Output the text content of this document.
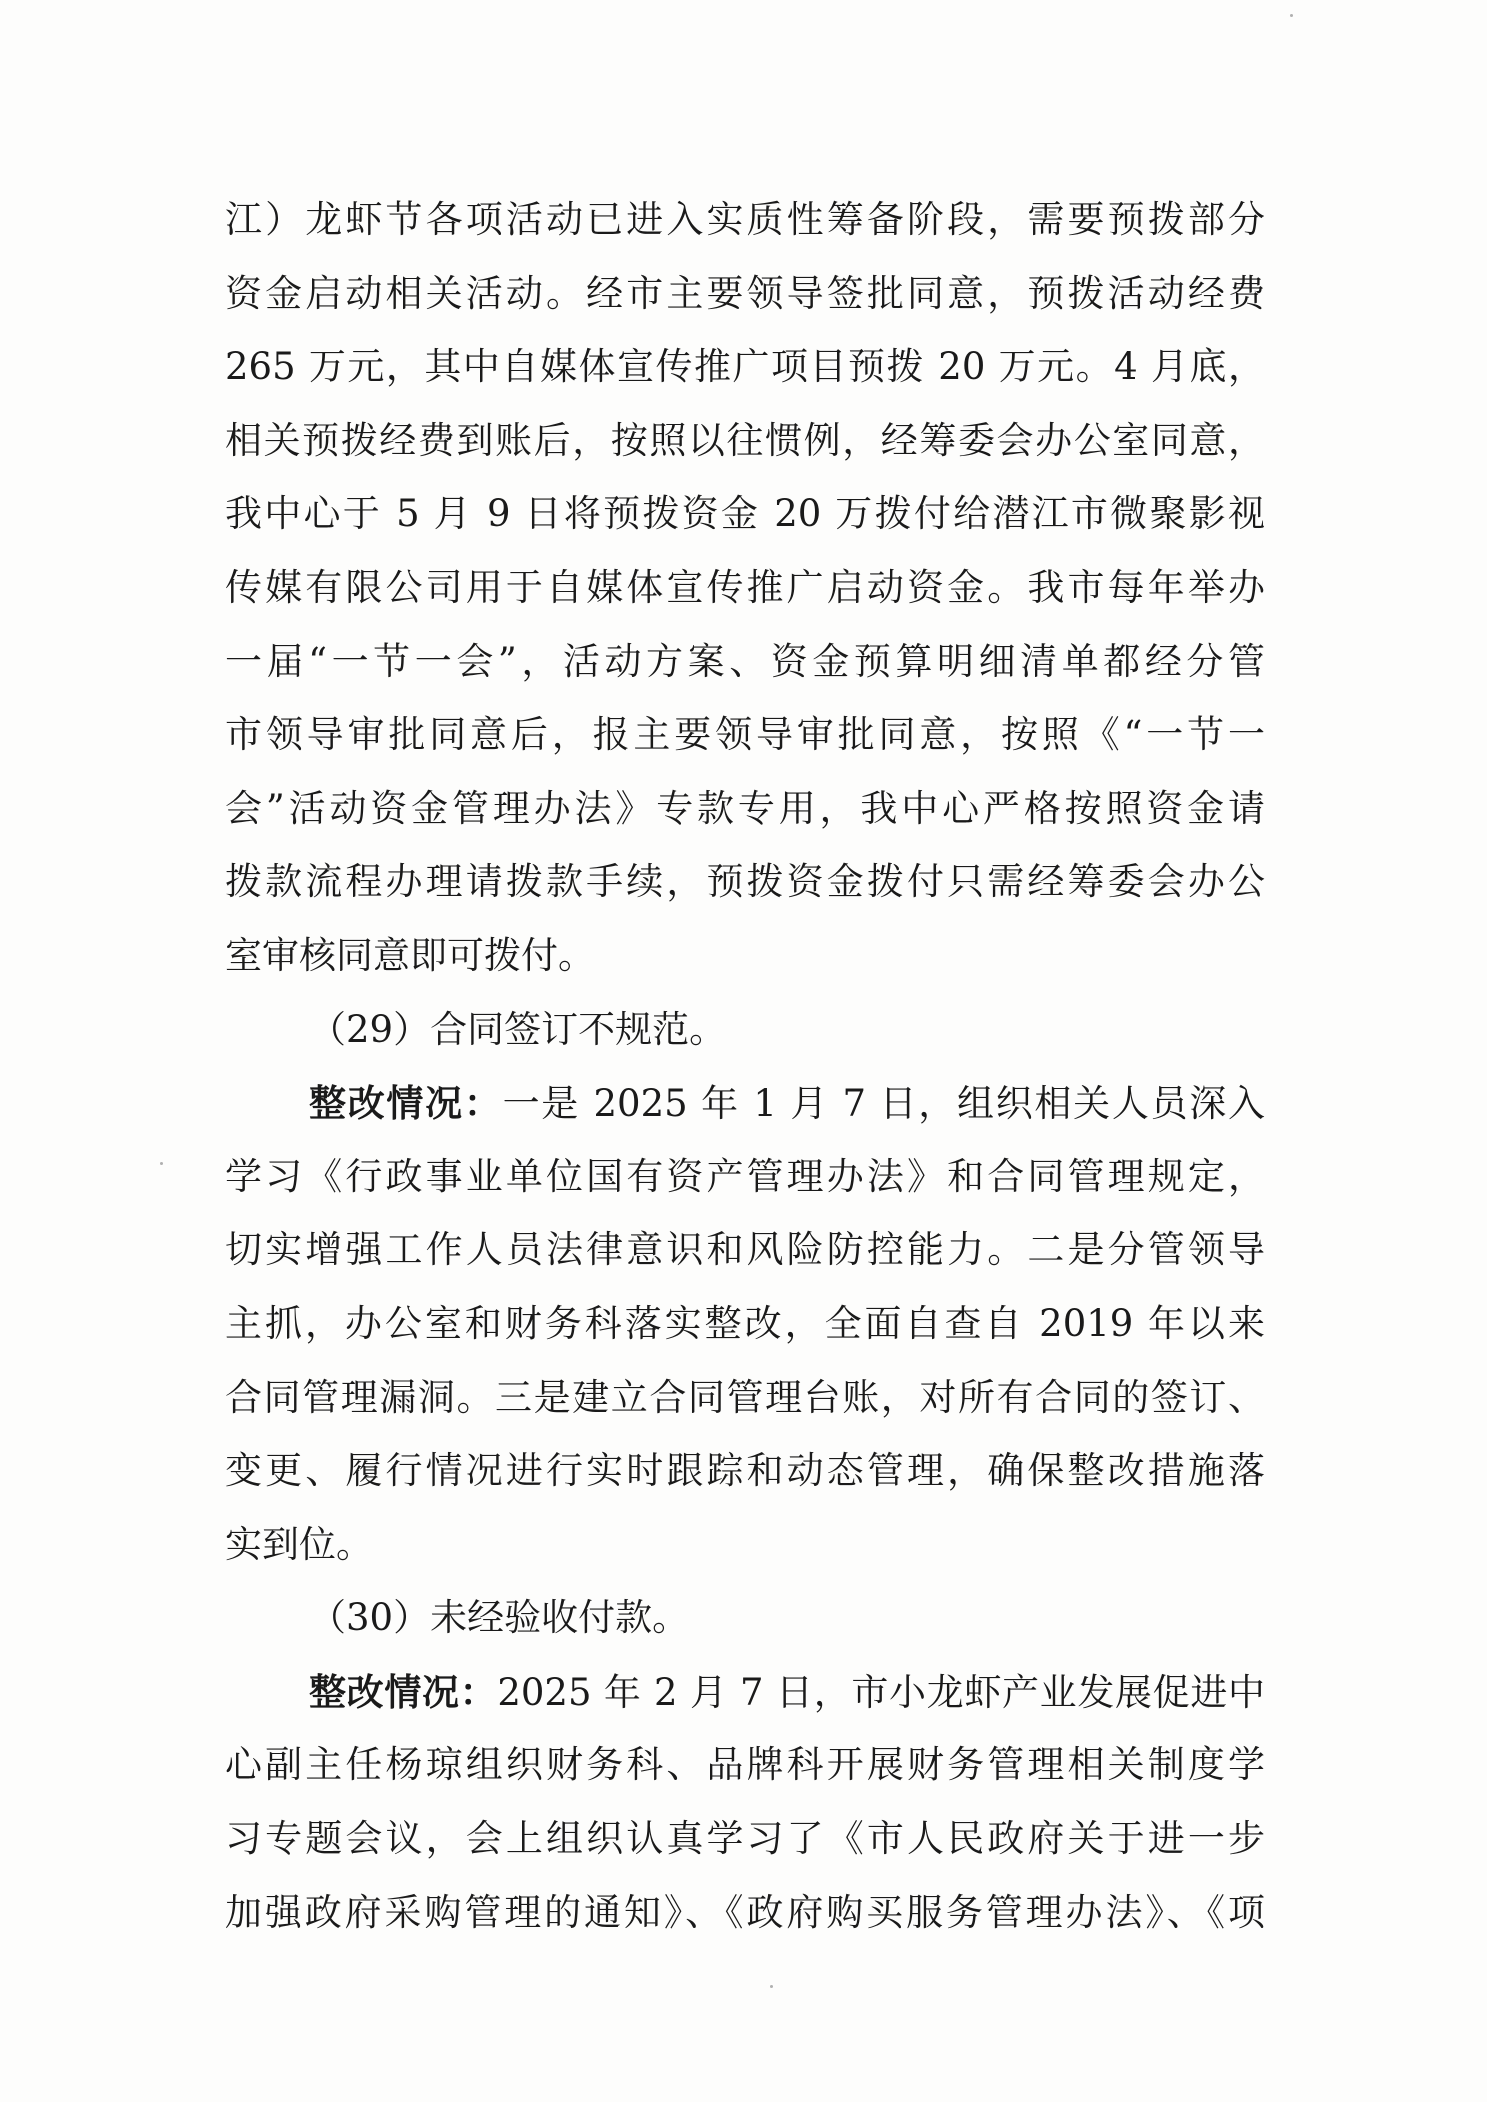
江）龙虾节各项活动已进入实质性筹备阶段，需要预拨部分
资金启动相关活动。经市主要领导签批同意，预拨活动经费
265 万元，其中自媒体宣传推广项目预拨 20 万元。4 月底，
相关预拨经费到账后，按照以往惯例，经筹委会办公室同意，
我中心于 5 月 9 日将预拨资金 20 万拨付给潜江市微聚影视
传媒有限公司用于自媒体宣传推广启动资金。我市每年举办
一届“一节一会”，活动方案、资金预算明细清单都经分管
市领导审批同意后，报主要领导审批同意，按照《“一节一
会”活动资金管理办法》专款专用，我中心严格按照资金请
拨款流程办理请拨款手续，预拨资金拨付只需经筹委会办公
室审核同意即可拨付。
（29）合同签订不规范。
整改情况：一是 2025 年 1 月 7 日，组织相关人员深入
学习《行政事业单位国有资产管理办法》和合同管理规定，
切实增强工作人员法律意识和风险防控能力。二是分管领导
主抓，办公室和财务科落实整改，全面自查自 2019 年以来
合同管理漏洞。三是建立合同管理台账，对所有合同的签订、
变更、履行情况进行实时跟踪和动态管理，确保整改措施落
实到位。
（30）未经验收付款。
整改情况：2025 年 2 月 7 日，市小龙虾产业发展促进中
心副主任杨琼组织财务科、品牌科开展财务管理相关制度学
习专题会议，会上组织认真学习了《市人民政府关于进一步
加强政府采购管理的通知》、《政府购买服务管理办法》、《项
